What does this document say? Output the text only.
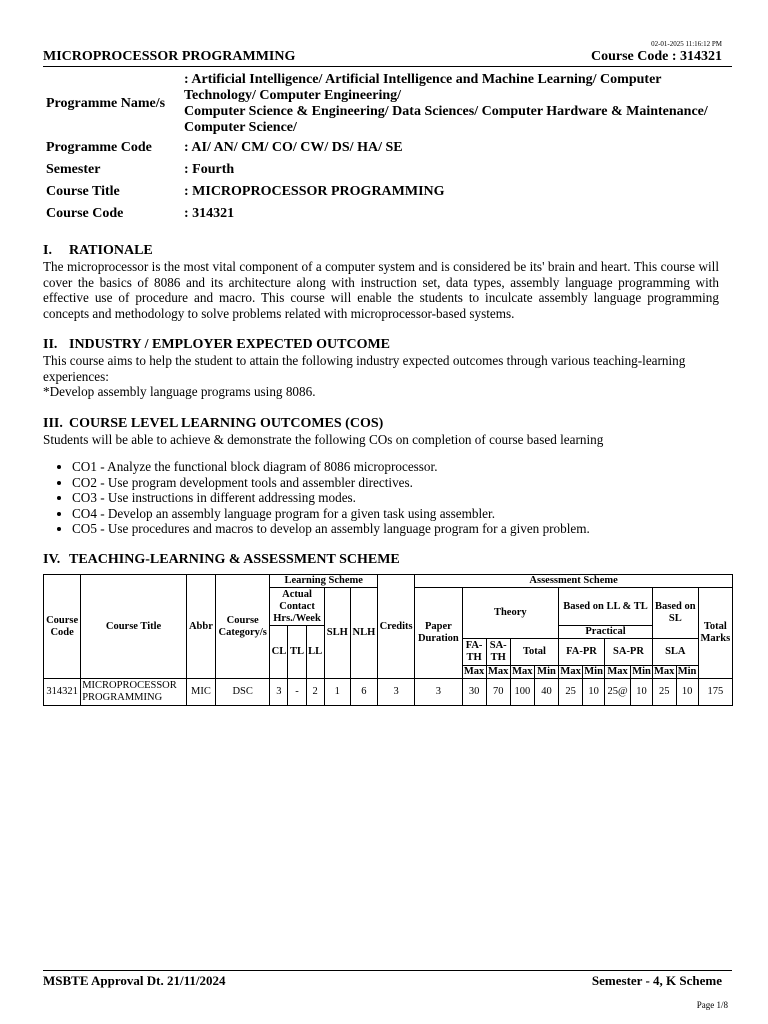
02-01-2025 11:16:12 PM
MICROPROCESSOR PROGRAMMING	Course Code : 314321
Programme Name/s	: Artificial Intelligence/ Artificial Intelligence and Machine Learning/ Computer Technology/ Computer Engineering/
Computer Science & Engineering/ Data Sciences/ Computer Hardware & Maintenance/ Computer Science/

Programme Code	: AI/ AN/ CM/ CO/ CW/ DS/ HA/ SE
Semester	: Fourth
Course Title	: MICROPROCESSOR PROGRAMMING
Course Code	: 314321
I. RATIONALE
The microprocessor is the most vital component of a computer system and is considered be its' brain and heart. This course will cover the basics of 8086 and its architecture along with instruction set, data types, assembly language programming with effective use of procedure and macro. This course will enable the students to inculcate assembly language programming concepts and methodology to solve problems related with microprocessor-based systems.
II. INDUSTRY / EMPLOYER EXPECTED OUTCOME
This course aims to help the student to attain the following industry expected outcomes through various teaching-learning experiences:
*Develop assembly language programs using 8086.
III. COURSE LEVEL LEARNING OUTCOMES (COS)
Students will be able to achieve & demonstrate the following COs on completion of course based learning
• CO1 - Analyze the functional block diagram of 8086 microprocessor.
• CO2 - Use program development tools and assembler directives.
• CO3 - Use instructions in different addressing modes.
• CO4 - Develop an assembly language program for a given task using assembler.
• CO5 - Use procedures and macros to develop an assembly language program for a given problem.
IV. TEACHING-LEARNING & ASSESSMENT SCHEME
Course Code	Course Title	Abbr	Course Category/s	Learning Scheme					Credits	Assessment Scheme											
				Actual Contact Hrs./Week			SLH	NLH		Paper Duration	Theory				Based on LL & TL				Based on SL		Total Marks
				CL	TL	LL									Practical						
											FA-TH	SA-TH	Total		FA-PR		SA-PR		SLA		
											Max	Max	Max	Min	Max	Min	Max	Min	Max	Min	
314321	MICROPROCESSOR PROGRAMMING	MIC	DSC	3	-	2	1	6	3	3	30	70	100	40	25	10	25@	10	25	10	175
MSBTE Approval Dt. 21/11/2024	Semester - 4, K Scheme
Page 1/8
